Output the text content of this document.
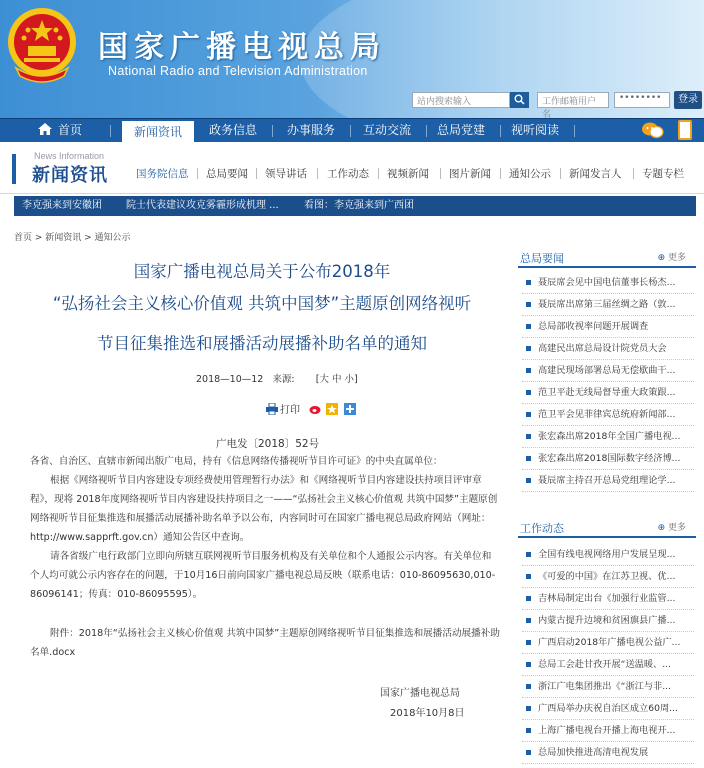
国家广播电视总局
National Radio and Television Administration
站内搜索输入	工作邮箱用户名
••••••••	登录
首页	新闻资讯	政务信息	办事服务	互动交流	总局党建	视听阅读
News Information
新闻资讯	国务院信息 总局要闻 领导讲话 工作动态 视频新闻 图片新闻 通知公示 新闻发言人 专题专栏
李克强来到安徽团 院士代表建议攻克雾霾形成机理 ...	看图：李克强来到广西团
首页 > 新闻资讯 > 通知公示
国家广播电视总局关于公布2018年
“弘扬社会主义核心价值观 共筑中国梦”主题原创网络视听
节目征集推选和展播活动展播补助名单的通知
2018—10—12 来源: [大 中 小]
打印
广电发〔2018〕52号
各省、自治区、直辖市新闻出版广电局，持有《信息网络传播视听节目许可证》的中央直属单位：
根据《网络视听节目内容建设专项经费使用管理暂行办法》和《网络视听节目内容建设扶持项目评审章程》，现将 2018年度网络视听节目内容建设扶持项目之一——“弘扬社会主义核心价值观 共筑中国梦”主题原创网络视听节目征集推选和展播活动展播补助名单予以公布，内容同时可在国家广播电视总局政府网站（网址：http://www.sapprft.gov.cn）通知公告区中查询。
请各省级广电行政部门立即向所辖互联网视听节目服务机构及有关单位和个人通报公示内容。有关单位和个人均可就公示内容存在的问题，于10月16日前向国家广播电视总局反映（联系电话：010-86095630,010-86096141；传真：010-86095595）。
附件：2018年“弘扬社会主义核心价值观 共筑中国梦”主题原创网络视听节目征集推选和展播活动展播补助名单.docx
国家广播电视总局
2018年10月8日
总局要闻	⊕ 更多
聂辰席会见中国电信董事长杨杰...
聂辰席出席第三届丝绸之路（敦...
总局部收视率问题开展调查
高建民出席总局设计院党员大会
高建民现场部署总局无偿歇曲干...
范卫平赴无线局督导重大政策跟...
范卫平会见菲律宾总统府新闻部...
张宏森出席2018年全国广播电视...
张宏森出席2018国际数字经济博...
聂辰席主持召开总局党组理论学...
工作动态	⊕ 更多
全国有线电视网络用户发展呈现...
《可爱的中国》在江苏卫视、优...
吉林局制定出台《加强行业监管...
内蒙古提升边境和贫困旗县广播...
广西启动2018年广播电视公益广...
总局工会赴甘孜开展“送温暖、...
浙江广电集团推出《“浙江与非...
广西局举办庆祝自治区成立60周...
上海广播电视台开播上海电视开...
总局加快推进高清电视发展
